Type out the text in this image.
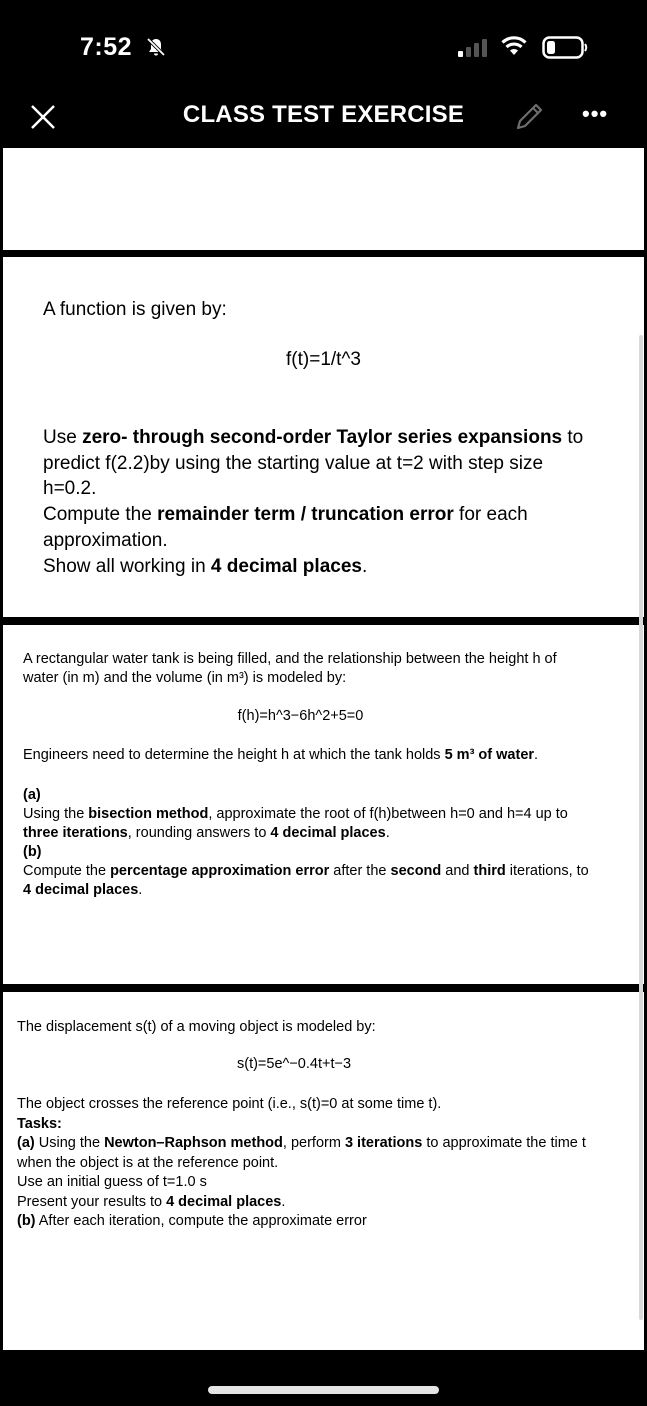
7:52
CLASS TEST EXERCISE	•••
A function is given by:
f(t)=1/t^3
Use zero- through second-order Taylor series expansions to
predict f(2.2)by using the starting value at t=2 with step size
h=0.2.
Compute the remainder term / truncation error for each
approximation.
Show all working in 4 decimal places.
A rectangular water tank is being filled, and the relationship between the height h of
water (in m) and the volume (in m³) is modeled by:
f(h)=h^3−6h^2+5=0
Engineers need to determine the height h at which the tank holds 5 m³ of water.
(a)
Using the bisection method, approximate the root of f(h)between h=0 and h=4 up to
three iterations, rounding answers to 4 decimal places.
(b)
Compute the percentage approximation error after the second and third iterations, to
4 decimal places.
The displacement s(t) of a moving object is modeled by:
s(t)=5e^−0.4t+t−3
The object crosses the reference point (i.e., s(t)=0 at some time t).
Tasks:
(a) Using the Newton–Raphson method, perform 3 iterations to approximate the time t
when the object is at the reference point.
Use an initial guess of t=1.0 s
Present your results to 4 decimal places.
(b) After each iteration, compute the approximate error
